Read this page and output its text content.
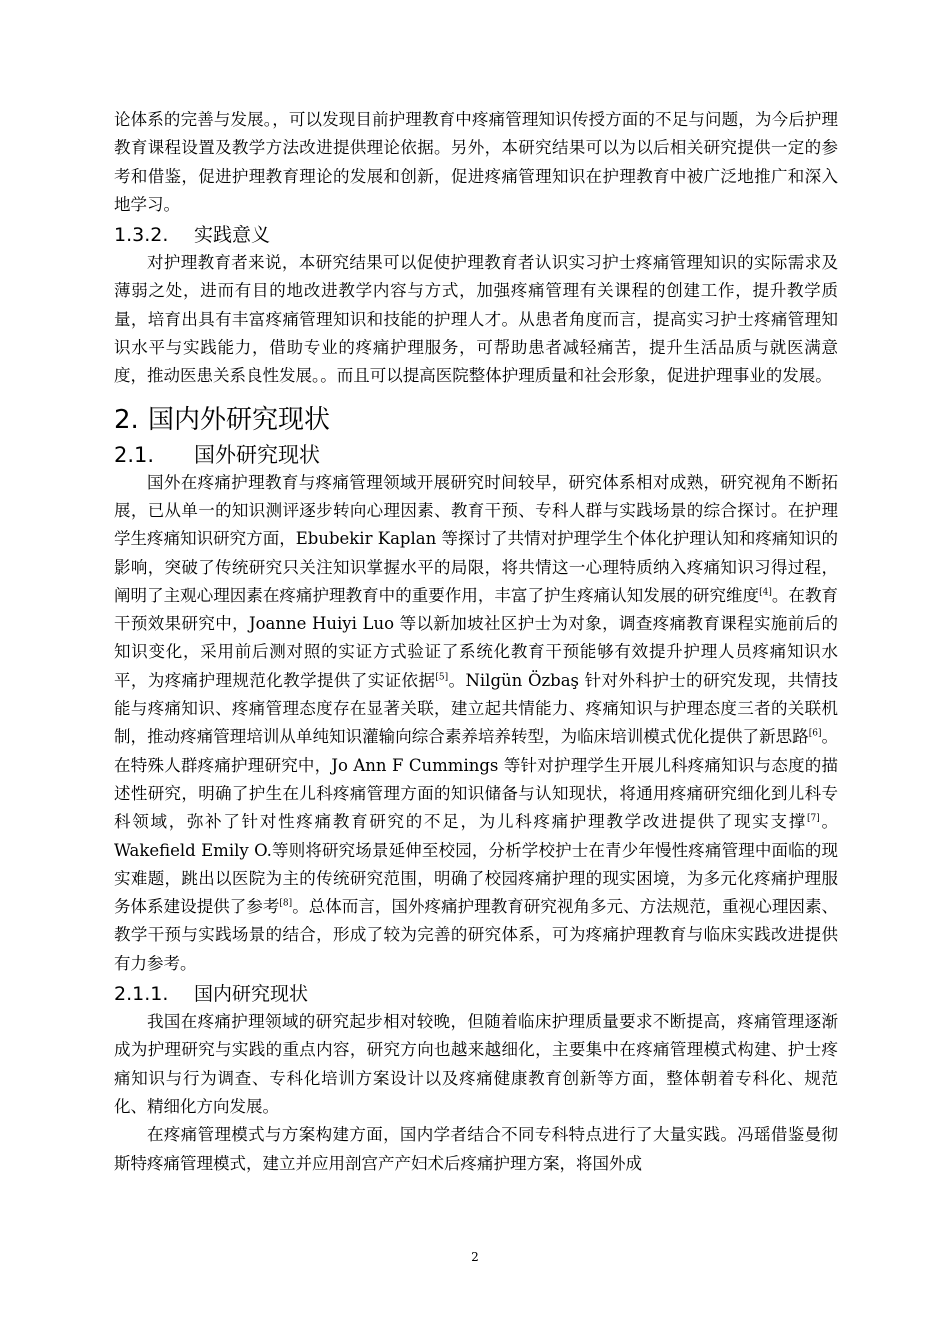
论体系的完善与发展。，可以发现目前护理教育中疼痛管理知识传授方面的不足与问题，为今后护理教育课程设置及教学方法改进提供理论依据。另外，本研究结果可以为以后相关研究提供一定的参考和借鉴，促进护理教育理论的发展和创新，促进疼痛管理知识在护理教育中被广泛地推广和深入地学习。

1.3.2.	实践意义

对护理教育者来说，本研究结果可以促使护理教育者认识实习护士疼痛管理知识的实际需求及薄弱之处，进而有目的地改进教学内容与方式，加强疼痛管理有关课程的创建工作，提升教学质量，培育出具有丰富疼痛管理知识和技能的护理人才。从患者角度而言，提高实习护士疼痛管理知识水平与实践能力，借助专业的疼痛护理服务，可帮助患者减轻痛苦，提升生活品质与就医满意度，推动医患关系良性发展。。而且可以提高医院整体护理质量和社会形象，促进护理事业的发展。

2. 国内外研究现状
2.1.	国外研究现状

国外在疼痛护理教育与疼痛管理领域开展研究时间较早，研究体系相对成熟，研究视角不断拓展，已从单一的知识测评逐步转向心理因素、教育干预、专科人群与实践场景的综合探讨。在护理学生疼痛知识研究方面，Ebubekir Kaplan 等探讨了共情对护理学生个体化护理认知和疼痛知识的影响，突破了传统研究只关注知识掌握水平的局限，将共情这一心理特质纳入疼痛知识习得过程，阐明了主观心理因素在疼痛护理教育中的重要作用，丰富了护生疼痛认知发展的研究维度[4]。在教育干预效果研究中，Joanne Huiyi Luo 等以新加坡社区护士为对象，调查疼痛教育课程实施前后的知识变化，采用前后测对照的实证方式验证了系统化教育干预能够有效提升护理人员疼痛知识水平，为疼痛护理规范化教学提供了实证依据[5]。Nilgün Özbaş 针对外科护士的研究发现，共情技能与疼痛知识、疼痛管理态度存在显著关联，建立起共情能力、疼痛知识与护理态度三者的关联机制，推动疼痛管理培训从单纯知识灌输向综合素养培养转型，为临床培训模式优化提供了新思路[6]。在特殊人群疼痛护理研究中，Jo Ann F Cummings 等针对护理学生开展儿科疼痛知识与态度的描述性研究，明确了护生在儿科疼痛管理方面的知识储备与认知现状，将通用疼痛研究细化到儿科专科领域，弥补了针对性疼痛教育研究的不足，为儿科疼痛护理教学改进提供了现实支撑[7]。Wakefield Emily O.等则将研究场景延伸至校园，分析学校护士在青少年慢性疼痛管理中面临的现实难题，跳出以医院为主的传统研究范围，明确了校园疼痛护理的现实困境，为多元化疼痛护理服务体系建设提供了参考[8]。总体而言，国外疼痛护理教育研究视角多元、方法规范，重视心理因素、教学干预与实践场景的结合，形成了较为完善的研究体系，可为疼痛护理教育与临床实践改进提供有力参考。

2.1.1.	国内研究现状

我国在疼痛护理领域的研究起步相对较晚，但随着临床护理质量要求不断提高，疼痛管理逐渐成为护理研究与实践的重点内容，研究方向也越来越细化，主要集中在疼痛管理模式构建、护士疼痛知识与行为调查、专科化培训方案设计以及疼痛健康教育创新等方面，整体朝着专科化、规范化、精细化方向发展。

在疼痛管理模式与方案构建方面，国内学者结合不同专科特点进行了大量实践。冯瑶借鉴曼彻斯特疼痛管理模式，建立并应用剖宫产产妇术后疼痛护理方案，将国外成

2
